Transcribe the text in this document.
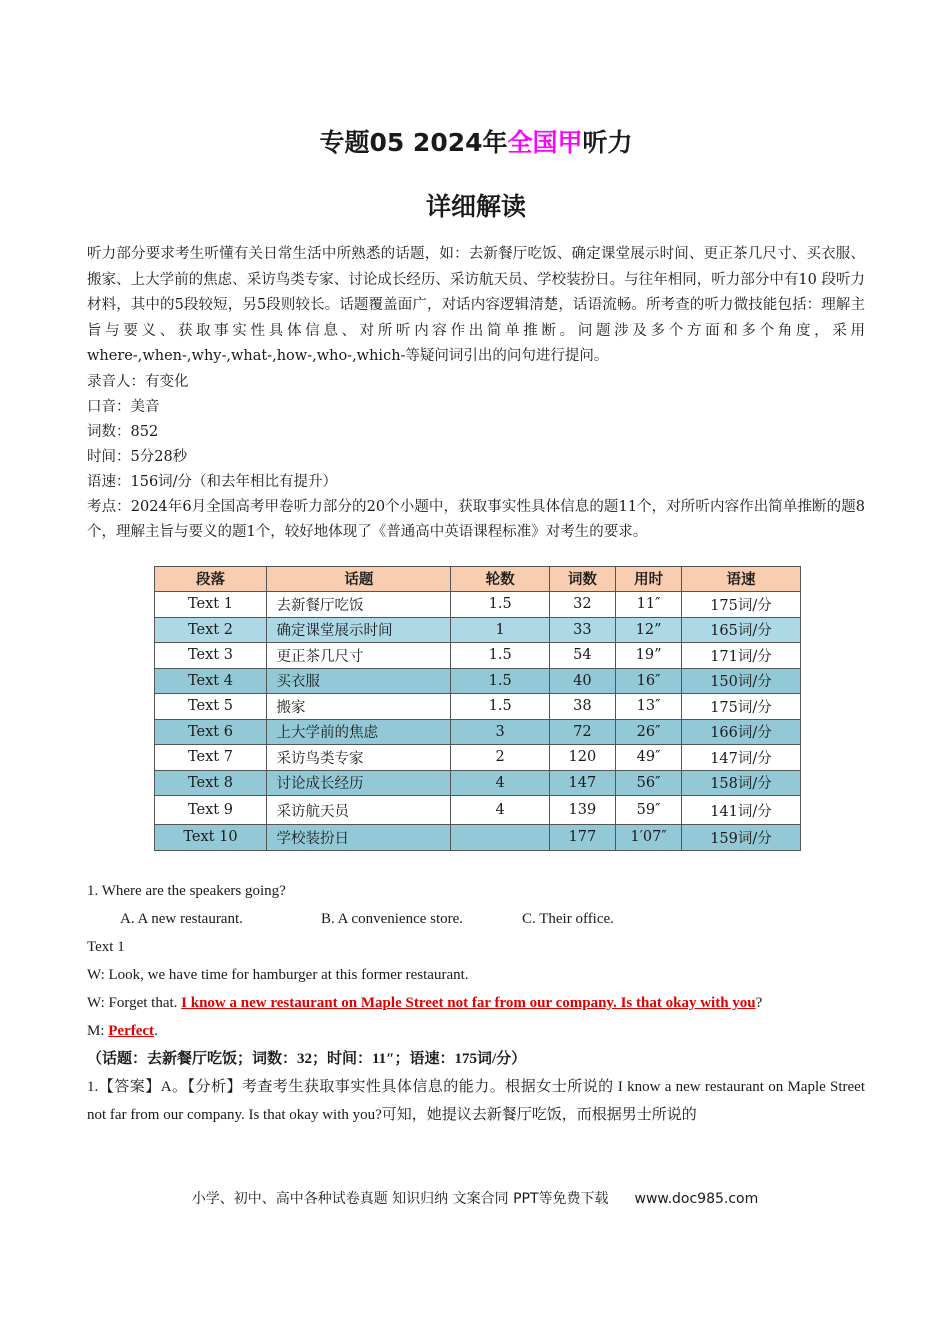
专题05 2024年全国甲听力
详细解读

听力部分要求考生听懂有关日常生活中所熟悉的话题，如：去新餐厅吃饭、确定课堂展示时间、更正茶几尺寸、买衣服、搬家、上大学前的焦虑、采访鸟类专家、讨论成长经历、采访航天员、学校装扮日。与往年相同，听力部分中有10 段听力材料，其中的5段较短，另5段则较长。话题覆盖面广，对话内容逻辑清楚，话语流畅。所考查的听力微技能包括：理解主旨与要义、获取事实性具体信息、对所听内容作出简单推断。问题涉及多个方面和多个角度，采用 where-,when-,why-,what-,how-,who-,which-等疑问词引出的问句进行提问。

录音人：有变化

口音：美音

词数：852

时间：5分28秒

语速：156词/分（和去年相比有提升）

考点：2024年6月全国高考甲卷听力部分的20个小题中，获取事实性具体信息的题11个，对所听内容作出简单推断的题8个，理解主旨与要义的题1个，较好地体现了《普通高中英语课程标准》对考生的要求。

段落	话题	轮数	词数	用时	语速
Text 1	去新餐厅吃饭	1.5	32	11″	175词/分
Text 2	确定课堂展示时间	1	33	12”	165词/分
Text 3	更正茶几尺寸	1.5	54	19”	171词/分
Text 4	买衣服	1.5	40	16″	150词/分
Text 5	搬家	1.5	38	13″	175词/分
Text 6	上大学前的焦虑	3	72	26″	166词/分
Text 7	采访鸟类专家	2	120	49″	147词/分
Text 8	讨论成长经历	4	147	56″	158词/分
Text 9	采访航天员	4	139	59″	141词/分
Text 10	学校装扮日		177	1′07″	159词/分

1. Where are the speakers going?

A. A new restaurant.	B. A convenience store.	C. Their office.

Text 1

W: Look, we have time for hamburger at this former restaurant.

W: Forget that. I know a new restaurant on Maple Street not far from our company. Is that okay with you?

M: Perfect.

（话题：去新餐厅吃饭；词数：32；时间：11″；语速：175词/分）

1.【答案】A。【分析】考查考生获取事实性具体信息的能力。根据女士所说的 I know a new restaurant on Maple Street not far from our company. Is that okay with you?可知，她提议去新餐厅吃饭，而根据男士所说的

小学、初中、高中各种试卷真题 知识归纳 文案合同 PPT等免费下载 www.doc985.com
